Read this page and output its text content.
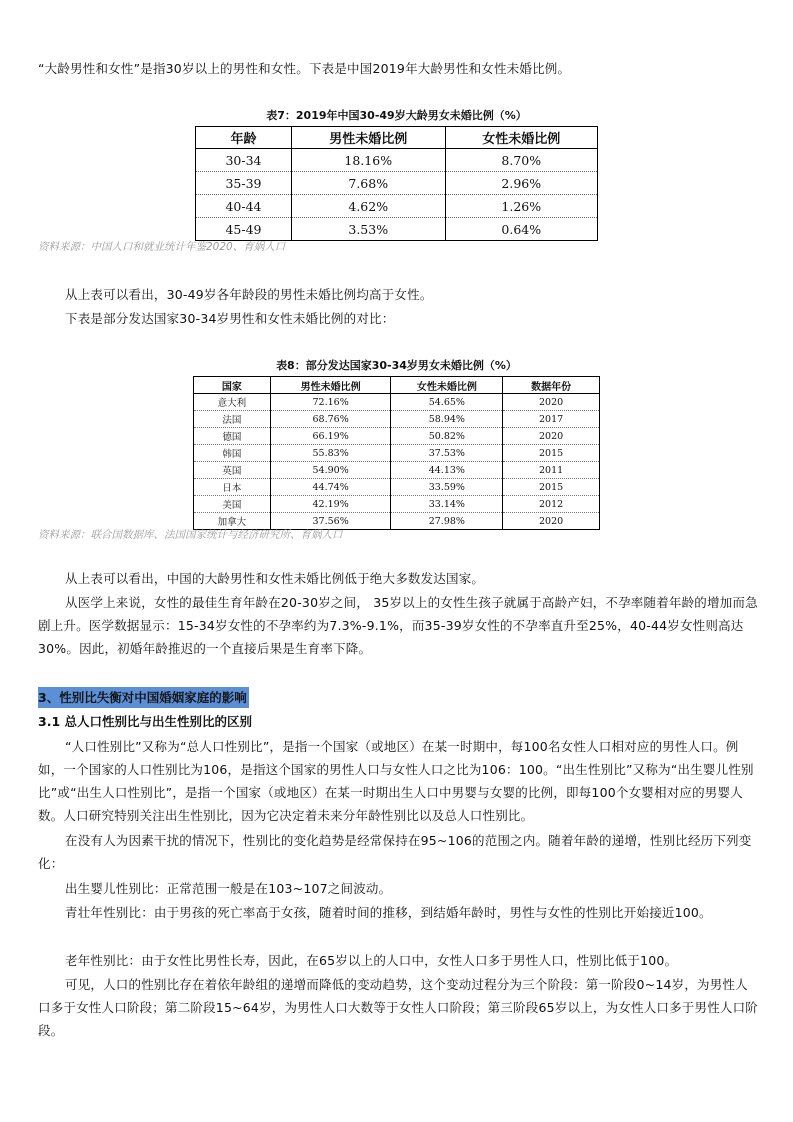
“大龄男性和女性”是指30岁以上的男性和女性。下表是中国2019年大龄男性和女性未婚比例。

表7：2019年中国30-49岁大龄男女未婚比例（%）
年龄	男性未婚比例	女性未婚比例
30-34	18.16%	8.70%
35-39	7.68%	2.96%
40-44	4.62%	1.26%
45-49	3.53%	0.64%
资料来源：中国人口和就业统计年鉴2020、育娲人口

从上表可以看出，30-49岁各年龄段的男性未婚比例均高于女性。

下表是部分发达国家30-34岁男性和女性未婚比例的对比：

表8：部分发达国家30-34岁男女未婚比例（%）
国家	男性未婚比例	女性未婚比例	数据年份
意大利	72.16%	54.65%	2020
法国	68.76%	58.94%	2017
德国	66.19%	50.82%	2020
韩国	55.83%	37.53%	2015
英国	54.90%	44.13%	2011
日本	44.74%	33.59%	2015
美国	42.19%	33.14%	2012
加拿大	37.56%	27.98%	2020
资料来源：联合国数据库、法国国家统计与经济研究所、育娲人口

从上表可以看出，中国的大龄男性和女性未婚比例低于绝大多数发达国家。

从医学上来说，女性的最佳生育年龄在20-30岁之间， 35岁以上的女性生孩子就属于高龄产妇，不孕率随着年龄的增加而急剧上升。医学数据显示：15-34岁女性的不孕率约为7.3%-9.1%，而35-39岁女性的不孕率直升至25%，40-44岁女性则高达30%。因此，初婚年龄推迟的一个直接后果是生育率下降。

3、性别比失衡对中国婚姻家庭的影响
3.1 总人口性别比与出生性别比的区别

“人口性别比”又称为“总人口性别比”，是指一个国家（或地区）在某一时期中，每100名女性人口相对应的男性人口。例如，一个国家的人口性别比为106，是指这个国家的男性人口与女性人口之比为106：100。“出生性别比”又称为“出生婴儿性别比”或“出生人口性别比”，是指一个国家（或地区）在某一时期出生人口中男婴与女婴的比例，即每100个女婴相对应的男婴人数。人口研究特别关注出生性别比，因为它决定着未来分年龄性别比以及总人口性别比。

在没有人为因素干扰的情况下，性别比的变化趋势是经常保持在95~106的范围之内。随着年龄的递增，性别比经历下列变化：

出生婴儿性别比：正常范围一般是在103~107之间波动。

青壮年性别比：由于男孩的死亡率高于女孩，随着时间的推移，到结婚年龄时，男性与女性的性别比开始接近100。

老年性别比：由于女性比男性长寿，因此，在65岁以上的人口中，女性人口多于男性人口，性别比低于100。

可见，人口的性别比存在着依年龄组的递增而降低的变动趋势，这个变动过程分为三个阶段：第一阶段0~14岁，为男性人口多于女性人口阶段；第二阶段15~64岁，为男性人口大数等于女性人口阶段；第三阶段65岁以上，为女性人口多于男性人口阶段。
